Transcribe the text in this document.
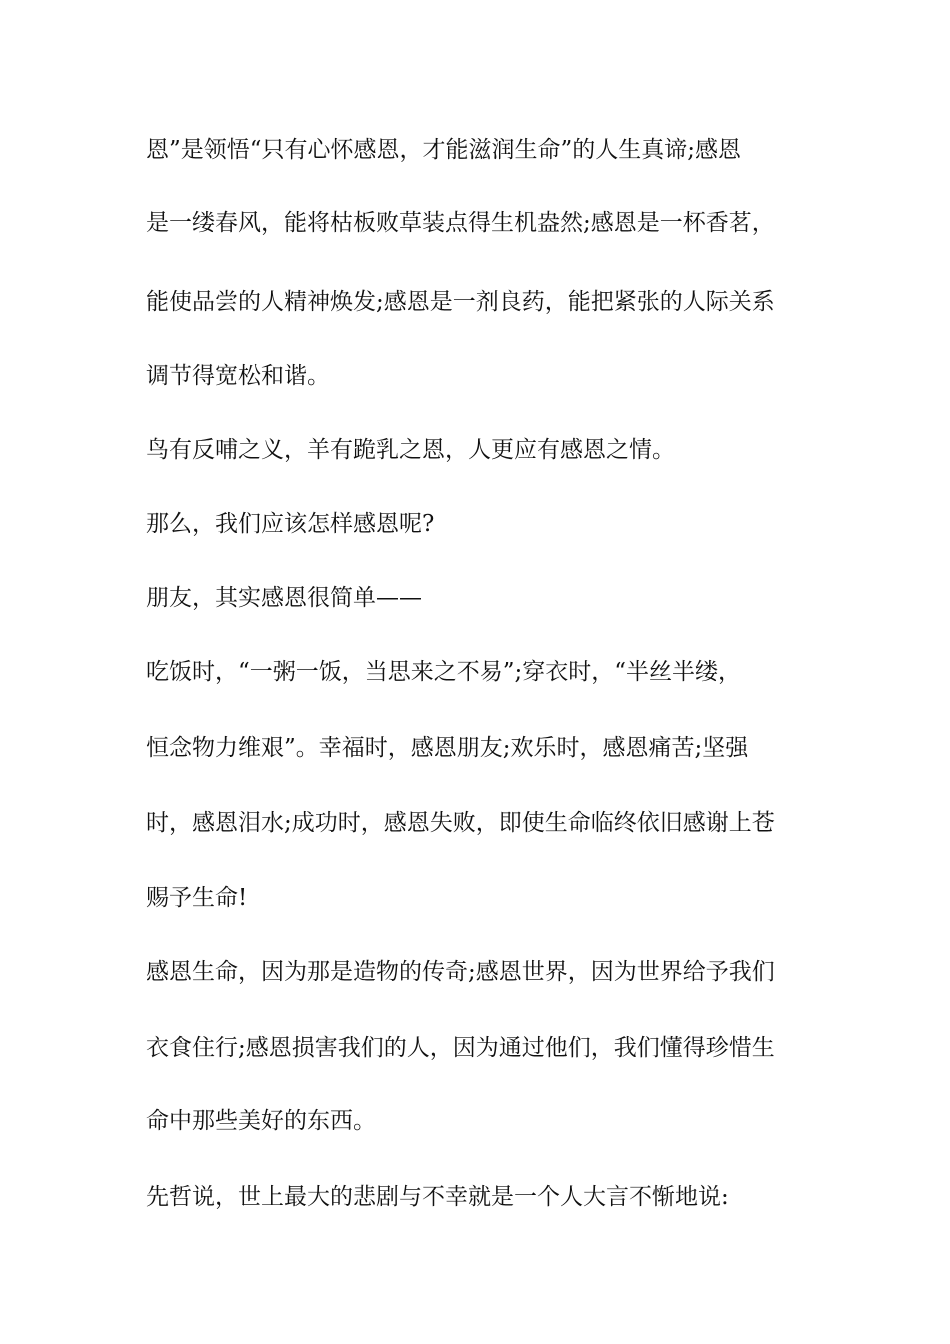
恩”是领悟“只有心怀感恩，才能滋润生命”的人生真谛;感恩
是一缕春风，能将枯板败草装点得生机盎然;感恩是一杯香茗，
能使品尝的人精神焕发;感恩是一剂良药，能把紧张的人际关系
调节得宽松和谐。
鸟有反哺之义，羊有跪乳之恩，人更应有感恩之情。
那么，我们应该怎样感恩呢?
朋友，其实感恩很简单——
吃饭时，“一粥一饭，当思来之不易”;穿衣时，“半丝半缕，
恒念物力维艰”。幸福时，感恩朋友;欢乐时，感恩痛苦;坚强
时，感恩泪水;成功时，感恩失败，即使生命临终依旧感谢上苍
赐予生命!
感恩生命，因为那是造物的传奇;感恩世界，因为世界给予我们
衣食住行;感恩损害我们的人，因为通过他们，我们懂得珍惜生
命中那些美好的东西。
先哲说，世上最大的悲剧与不幸就是一个人大言不惭地说:
